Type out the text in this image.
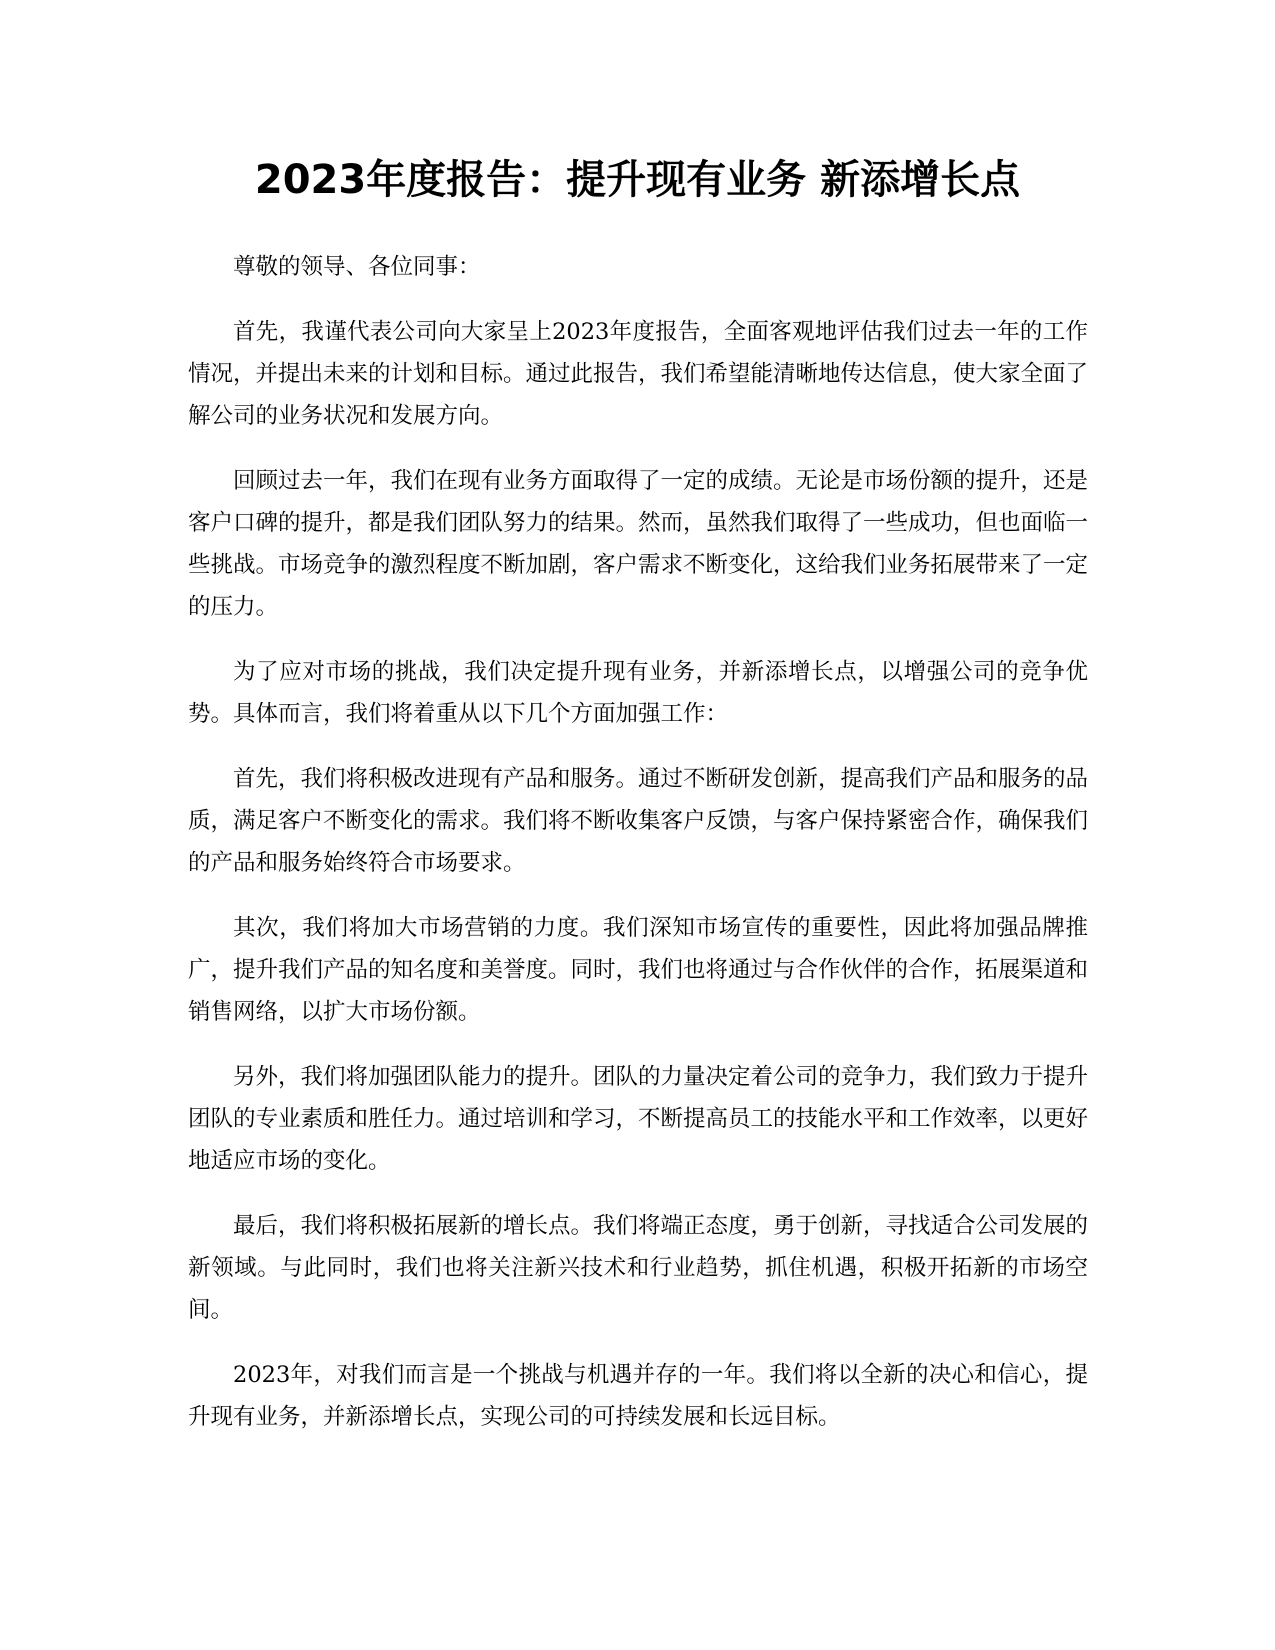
2023年度报告：提升现有业务 新添增长点

尊敬的领导、各位同事：

首先，我谨代表公司向大家呈上2023年度报告，全面客观地评估我们过去一年的工作情况，并提出未来的计划和目标。通过此报告，我们希望能清晰地传达信息，使大家全面了解公司的业务状况和发展方向。

回顾过去一年，我们在现有业务方面取得了一定的成绩。无论是市场份额的提升，还是客户口碑的提升，都是我们团队努力的结果。然而，虽然我们取得了一些成功，但也面临一些挑战。市场竞争的激烈程度不断加剧，客户需求不断变化，这给我们业务拓展带来了一定的压力。

为了应对市场的挑战，我们决定提升现有业务，并新添增长点，以增强公司的竞争优势。具体而言，我们将着重从以下几个方面加强工作：

首先，我们将积极改进现有产品和服务。通过不断研发创新，提高我们产品和服务的品质，满足客户不断变化的需求。我们将不断收集客户反馈，与客户保持紧密合作，确保我们的产品和服务始终符合市场要求。

其次，我们将加大市场营销的力度。我们深知市场宣传的重要性，因此将加强品牌推广，提升我们产品的知名度和美誉度。同时，我们也将通过与合作伙伴的合作，拓展渠道和销售网络，以扩大市场份额。

另外，我们将加强团队能力的提升。团队的力量决定着公司的竞争力，我们致力于提升团队的专业素质和胜任力。通过培训和学习，不断提高员工的技能水平和工作效率，以更好地适应市场的变化。

最后，我们将积极拓展新的增长点。我们将端正态度，勇于创新，寻找适合公司发展的新领域。与此同时，我们也将关注新兴技术和行业趋势，抓住机遇，积极开拓新的市场空间。

2023年，对我们而言是一个挑战与机遇并存的一年。我们将以全新的决心和信心，提升现有业务，并新添增长点，实现公司的可持续发展和长远目标。
